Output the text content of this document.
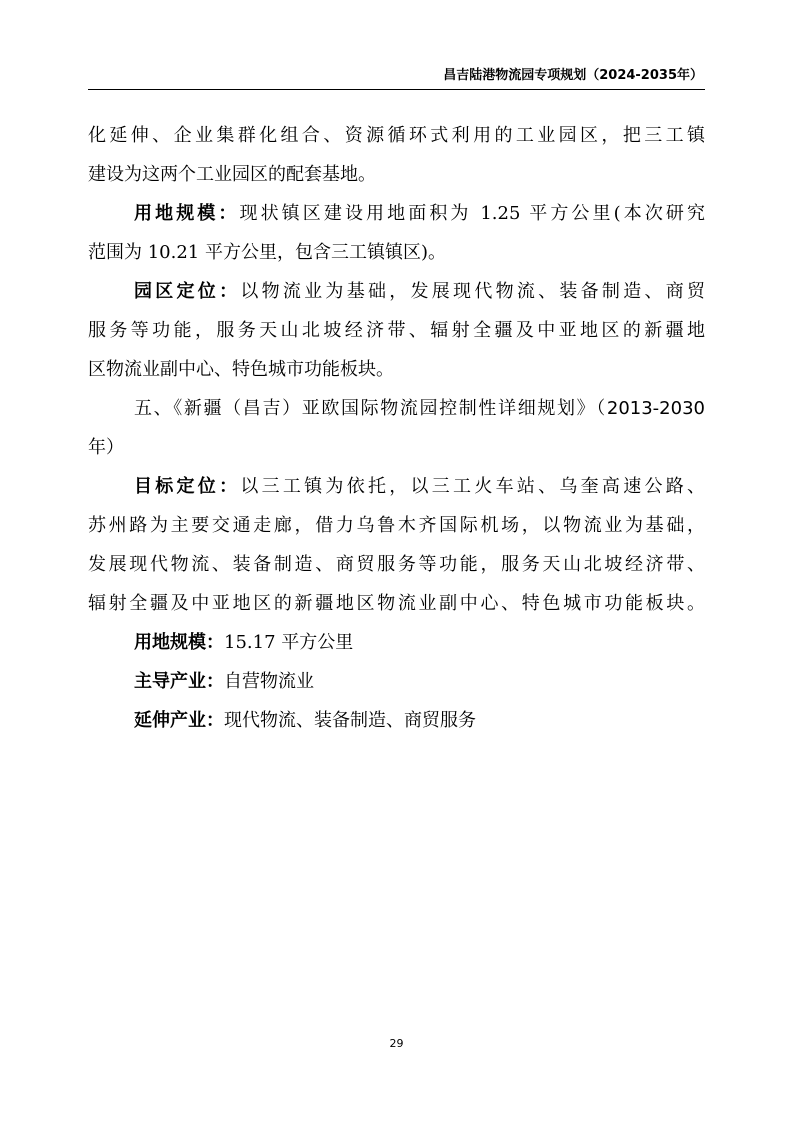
昌吉陆港物流园专项规划（2024-2035年）
化延伸、企业集群化组合、资源循环式利用的工业园区，把三工镇
建设为这两个工业园区的配套基地。
用地规模：现状镇区建设用地面积为 1.25 平方公里(本次研究
范围为 10.21 平方公里，包含三工镇镇区)。
园区定位：以物流业为基础，发展现代物流、装备制造、商贸
服务等功能，服务天山北坡经济带、辐射全疆及中亚地区的新疆地
区物流业副中心、特色城市功能板块。
五、《新疆（昌吉）亚欧国际物流园控制性详细规划》（2013-2030
年）
目标定位：以三工镇为依托，以三工火车站、乌奎高速公路、
苏州路为主要交通走廊，借力乌鲁木齐国际机场，以物流业为基础，
发展现代物流、装备制造、商贸服务等功能，服务天山北坡经济带、
辐射全疆及中亚地区的新疆地区物流业副中心、特色城市功能板块。
用地规模：15.17 平方公里
主导产业：自营物流业
延伸产业：现代物流、装备制造、商贸服务
29
